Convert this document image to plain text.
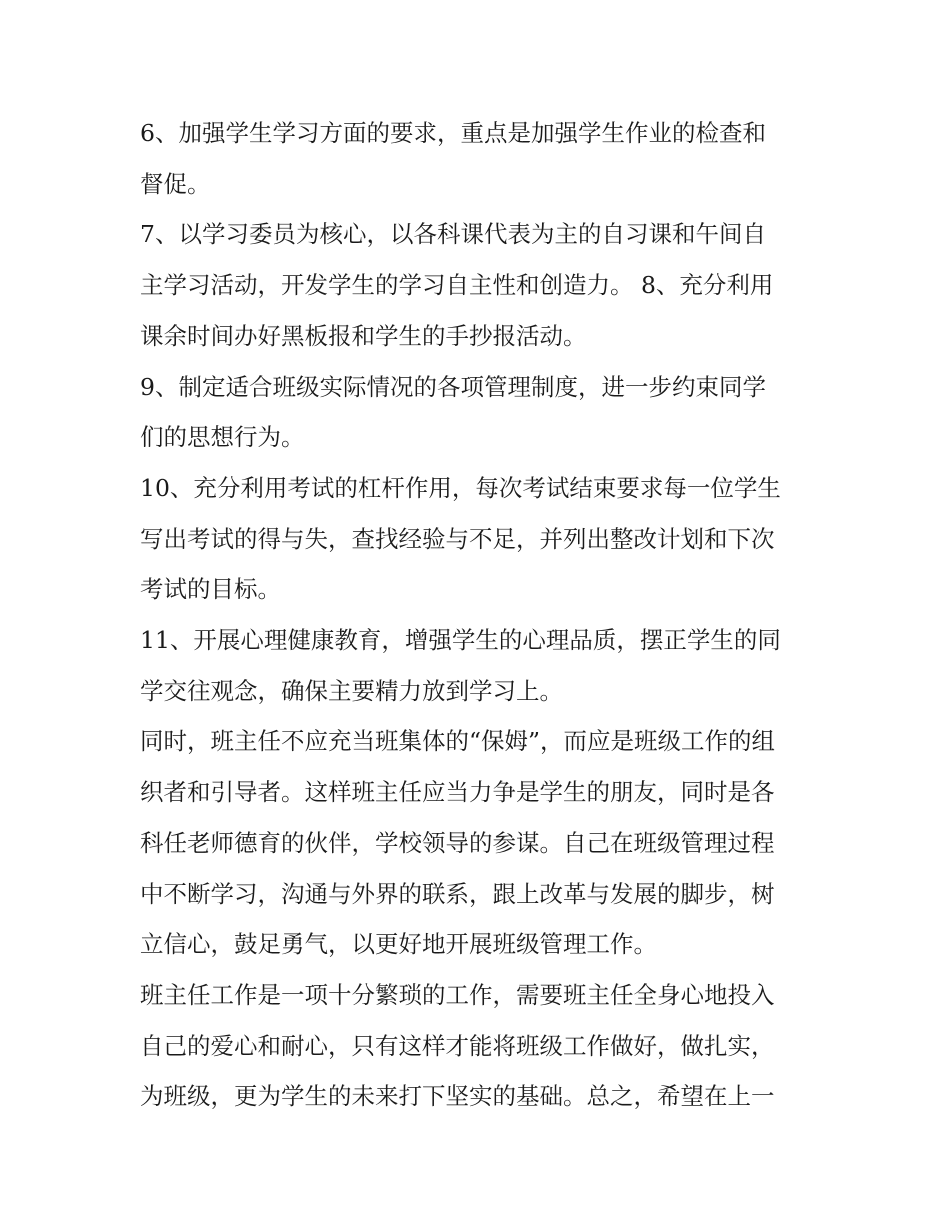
6、加强学生学习方面的要求，重点是加强学生作业的检查和
督促。
7、以学习委员为核心，以各科课代表为主的自习课和午间自
主学习活动，开发学生的学习自主性和创造力。 8、充分利用
课余时间办好黑板报和学生的手抄报活动。
9、制定适合班级实际情况的各项管理制度，进一步约束同学
们的思想行为。
10、充分利用考试的杠杆作用，每次考试结束要求每一位学生
写出考试的得与失，查找经验与不足，并列出整改计划和下次
考试的目标。
11、开展心理健康教育，增强学生的心理品质，摆正学生的同
学交往观念，确保主要精力放到学习上。
同时，班主任不应充当班集体的“保姆”，而应是班级工作的组
织者和引导者。这样班主任应当力争是学生的朋友，同时是各
科任老师德育的伙伴，学校领导的参谋。自己在班级管理过程
中不断学习，沟通与外界的联系，跟上改革与发展的脚步，树
立信心，鼓足勇气，以更好地开展班级管理工作。
班主任工作是一项十分繁琐的工作，需要班主任全身心地投入
自己的爱心和耐心，只有这样才能将班级工作做好，做扎实，
为班级，更为学生的未来打下坚实的基础。总之，希望在上一
